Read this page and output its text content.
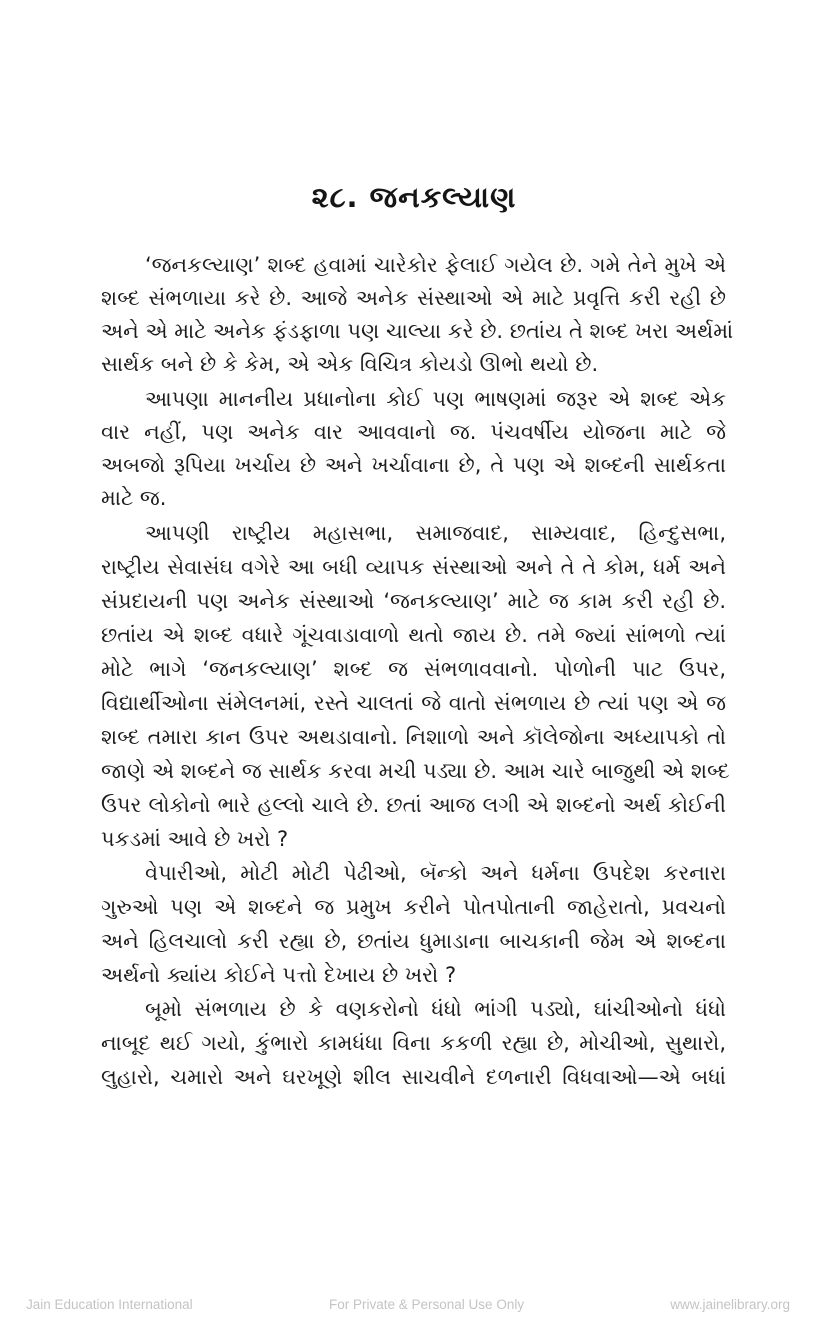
૨૮. જનકલ્યાણ
‘જનકલ્યાણ’ શબ્દ હવામાં ચારેકોર ફેલાઈ ગયેલ છે. ગમે તેને મુખે એ
શબ્દ સંભળાયા કરે છે. આજે અનેક સંસ્થાઓ એ માટે પ્રવૃત્તિ કરી રહી છે
અને એ માટે અનેક ફંડફાળા પણ ચાલ્યા કરે છે. છતાંય તે શબ્દ ખરા અર્થમાં
સાર્થક બને છે કે કેમ, એ એક વિચિત્ર કોયડો ઊભો થયો છે.
આપણા માનનીય પ્રધાનોના કોઈ પણ ભાષણમાં જરૂર એ શબ્દ એક
વાર નહીં, પણ અનેક વાર આવવાનો જ. પંચવર્ષીય યોજના માટે જે
અબજો રૂપિયા ખર્ચાય છે અને ખર્ચાવાના છે, તે પણ એ શબ્દની સાર્થકતા
માટે જ.
આપણી રાષ્ટ્રીય મહાસભા, સમાજવાદ, સામ્યવાદ, હિન્દુસભા,
રાષ્ટ્રીય સેવાસંઘ વગેરે આ બધી વ્યાપક સંસ્થાઓ અને તે તે કોમ, ધર્મ અને
સંપ્રદાયની પણ અનેક સંસ્થાઓ ‘જનકલ્યાણ’ માટે જ કામ કરી રહી છે.
છતાંય એ શબ્દ વધારે ગૂંચવાડાવાળો થતો જાય છે. તમે જ્યાં સાંભળો ત્યાં
મોટે ભાગે ‘જનકલ્યાણ’ શબ્દ જ સંભળાવવાનો. પોળોની પાટ ઉપર,
વિદ્યાર્થીઓના સંમેલનમાં, રસ્તે ચાલતાં જે વાતો સંભળાય છે ત્યાં પણ એ જ
શબ્દ તમારા કાન ઉપર અથડાવાનો. નિશાળો અને કૉલેજોના અધ્યાપકો તો
જાણે એ શબ્દને જ સાર્થક કરવા મચી પડ્યા છે. આમ ચારે બાજુથી એ શબ્દ
ઉપર લોકોનો ભારે હલ્લો ચાલે છે. છતાં આજ લગી એ શબ્દનો અર્થ કોઈની
પકડમાં આવે છે ખરો ?
વેપારીઓ, મોટી મોટી પેઢીઓ, બૅન્કો અને ધર્મના ઉપદેશ કરનારા
ગુરુઓ પણ એ શબ્દને જ પ્રમુખ કરીને પોતપોતાની જાહેરાતો, પ્રવચનો
અને હિલચાલો કરી રહ્યા છે, છતાંય ધુમાડાના બાચકાની જેમ એ શબ્દના
અર્થનો ક્યાંય કોઈને પત્તો દેખાય છે ખરો ?
બૂમો સંભળાય છે કે વણકરોનો ધંધો ભાંગી પડ્યો, ઘાંચીઓનો ધંધો
નાબૂદ થઈ ગયો, કુંભારો કામધંધા વિના કકળી રહ્યા છે, મોચીઓ, સુથારો,
લુહારો, ચમારો અને ઘરખૂણે શીલ સાચવીને દળનારી વિધવાઓ—એ બધાં
Jain Education International	For Private & Personal Use Only	www.jainelibrary.org
